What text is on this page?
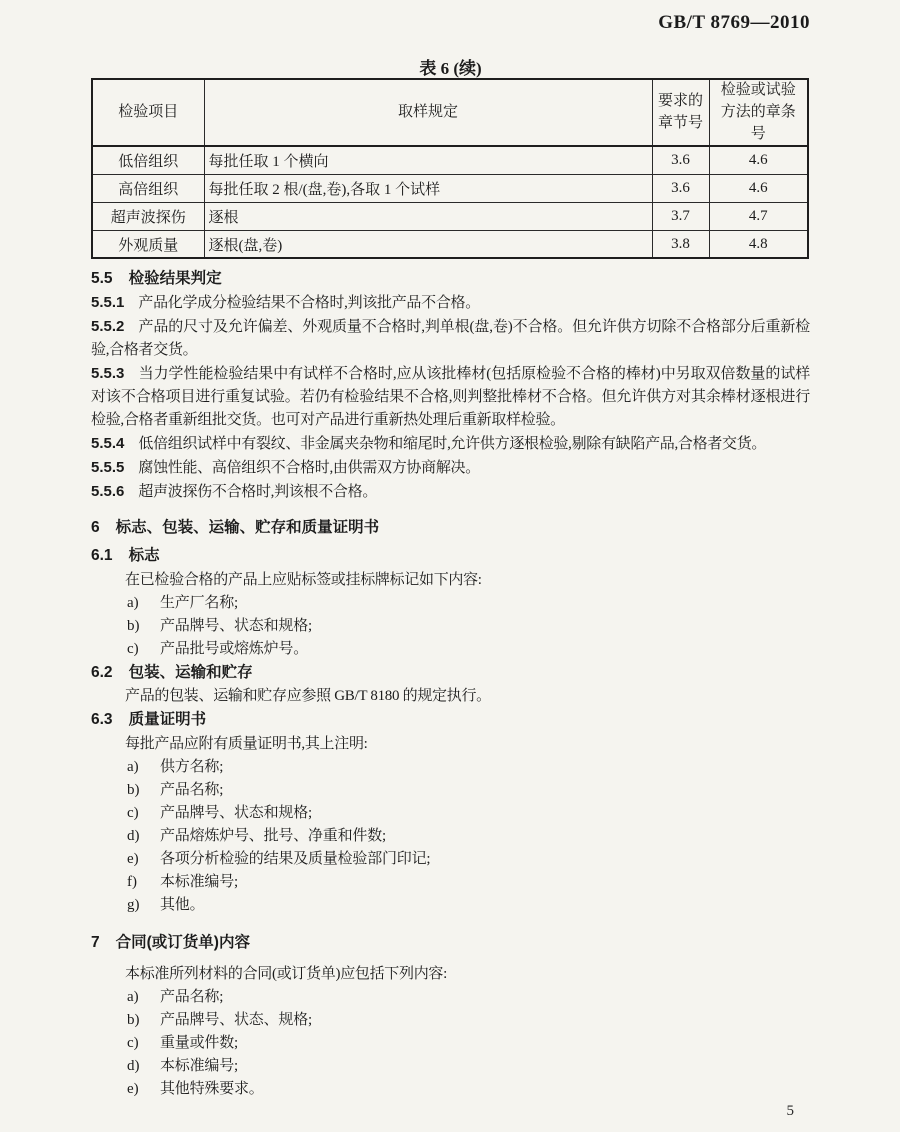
GB/T 8769—2010
表 6 (续)
检验项目	取样规定	要求的章节号	检验或试验方法的章条号
低倍组织	每批任取 1 个横向	3.6	4.6
高倍组织	每批任取 2 根/(盘,卷),各取 1 个试样	3.6	4.6
超声波探伤	逐根	3.7	4.7
外观质量	逐根(盘,卷)	3.8	4.8
5.5 检验结果判定

5.5.1 产品化学成分检验结果不合格时,判该批产品不合格。

5.5.2 产品的尺寸及允许偏差、外观质量不合格时,判单根(盘,卷)不合格。但允许供方切除不合格部分后重新检验,合格者交货。

5.5.3 当力学性能检验结果中有试样不合格时,应从该批棒材(包括原检验不合格的棒材)中另取双倍数量的试样对该不合格项目进行重复试验。若仍有检验结果不合格,则判整批棒材不合格。但允许供方对其余棒材逐根进行检验,合格者重新组批交货。也可对产品进行重新热处理后重新取样检验。

5.5.4 低倍组织试样中有裂纹、非金属夹杂物和缩尾时,允许供方逐根检验,剔除有缺陷产品,合格者交货。

5.5.5 腐蚀性能、高倍组织不合格时,由供需双方协商解决。

5.5.6 超声波探伤不合格时,判该根不合格。

6 标志、包装、运输、贮存和质量证明书
6.1 标志

在已检验合格的产品上应贴标签或挂标牌标记如下内容:

a) 生产厂名称;
b) 产品牌号、状态和规格;
c) 产品批号或熔炼炉号。
6.2 包装、运输和贮存

产品的包装、运输和贮存应参照 GB/T 8180 的规定执行。

6.3 质量证明书

每批产品应附有质量证明书,其上注明:

a) 供方名称;
b) 产品名称;
c) 产品牌号、状态和规格;
d) 产品熔炼炉号、批号、净重和件数;
e) 各项分析检验的结果及质量检验部门印记;
f) 本标准编号;
g) 其他。
7 合同(或订货单)内容

本标准所列材料的合同(或订货单)应包括下列内容:

a) 产品名称;
b) 产品牌号、状态、规格;
c) 重量或件数;
d) 本标准编号;
e) 其他特殊要求。
5
